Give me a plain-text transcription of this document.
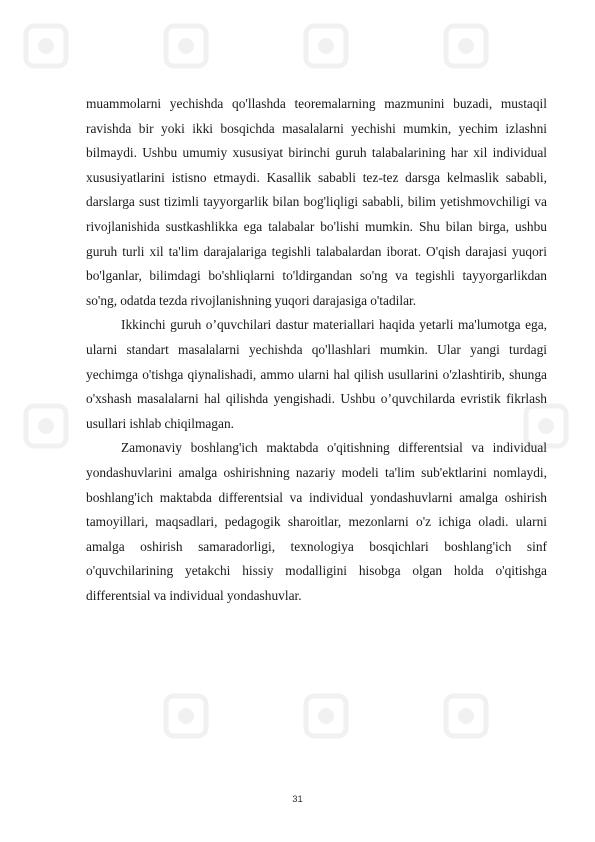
muammolarni yechishda qo'llashda teoremalarning mazmunini buzadi, mustaqil ravishda bir yoki ikki bosqichda masalalarni yechishi mumkin, yechim izlashni bilmaydi. Ushbu umumiy xususiyat birinchi guruh talabalarining har xil individual xususiyatlarini istisno etmaydi. Kasallik sababli tez-tez darsga kelmaslik sababli, darslarga sust tizimli tayyorgarlik bilan bog'liqligi sababli, bilim yetishmovchiligi va rivojlanishida sustkashlikka ega talabalar bo'lishi mumkin. Shu bilan birga, ushbu guruh turli xil ta'lim darajalariga tegishli talabalardan iborat. O'qish darajasi yuqori bo'lganlar, bilimdagi bo'shliqlarni to'ldirgandan so'ng va tegishli tayyorgarlikdan so'ng, odatda tezda rivojlanishning yuqori darajasiga o'tadilar.

Ikkinchi guruh o’quvchilari dastur materiallari haqida yetarli ma'lumotga ega, ularni standart masalalarni yechishda qo'llashlari mumkin. Ular yangi turdagi yechimga o'tishga qiynalishadi, ammo ularni hal qilish usullarini o'zlashtirib, shunga o'xshash masalalarni hal qilishda yengishadi. Ushbu o’quvchilarda evristik fikrlash usullari ishlab chiqilmagan.

Zamonaviy boshlang'ich maktabda o'qitishning differentsial va individual yondashuvlarini amalga oshirishning nazariy modeli ta'lim sub'ektlarini nomlaydi, boshlang'ich maktabda differentsial va individual yondashuvlarni amalga oshirish tamoyillari, maqsadlari, pedagogik sharoitlar, mezonlarni o'z ichiga oladi. ularni amalga oshirish samaradorligi, texnologiya bosqichlari boshlang'ich sinf o'quvchilarining yetakchi hissiy modalligini hisobga olgan holda o'qitishga differentsial va individual yondashuvlar.

31
